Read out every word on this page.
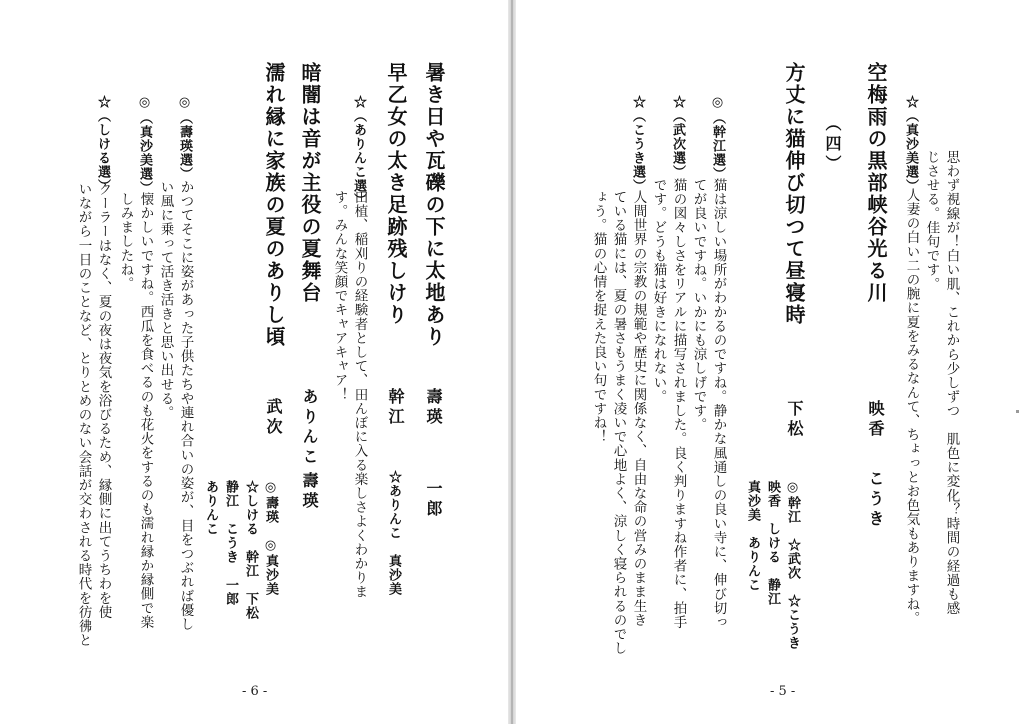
思わず視線が！白い肌、これから少しずつ　肌色に変化？時間の経過も感
じさせる。佳句です。
☆（真沙美選）
人妻の白い二の腕に夏をみるなんて、ちょっとお色気もありますね。
空梅雨の黒部峡谷光る川
映香
こうき
（四）
方丈に猫伸び切つて昼寝時
下松
◎幹江　☆武次　☆こうき
映香　しける　静江
真沙美　ありんこ
◎（幹江選）
猫は涼しい場所がわかるのですね。静かな風通しの良い寺に、伸び切っ
てが良いですね。いかにも涼しげです。
☆（武次選）
猫の図々しさをリアルに描写されました。良く判りますね作者に、拍手
です。どうも猫は好きになれない。
☆（こうき選）
人間世界の宗教の規範や歴史に関係なく、自由な命の営みのまま生き
ている猫には、夏の暑さもうまく凌いで心地よく、涼しく寝られるのでし
ょう。猫の心情を捉えた良い句ですね！
- 5 -
暑き日や瓦礫の下に太地あり
壽瑛
一郎
早乙女の太き足跡残しけり
幹江
☆ありんこ　真沙美
☆（ありんこ選）
田植、稲刈りの経験者として、田んぼに入る楽しさよくわかりま
す。みんな笑顔でキャアキャア！
暗闇は音が主役の夏舞台
ありんこ
壽瑛
濡れ縁に家族の夏のありし頃
武次
◎壽瑛　◎真沙美
☆しける　幹江　下松
静江　こうき　一郎
ありんこ
◎（壽瑛選）
かつてそこに姿があった子供たちや連れ合いの姿が、目をつぶれば優し
い風に乗って活き活きと思い出せる。
◎（真沙美選）
懐かしいですね。西瓜を食べるのも花火をするのも濡れ縁か縁側で楽
しみましたね。
☆（しける選）
クーラーはなく、夏の夜は夜気を浴びるため、縁側に出てうちわを使
いながら一日のことなど、とりとめのない会話が交わされる時代を彷彿と
- 6 -
